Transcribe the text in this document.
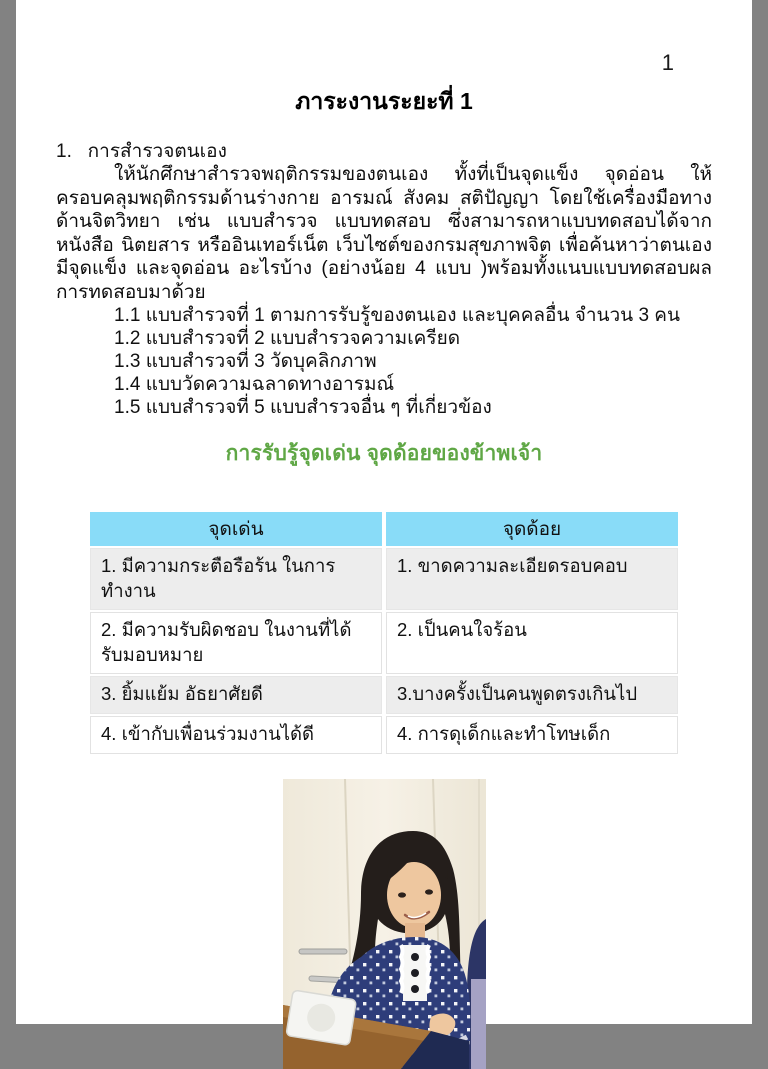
1
ภาระงานระยะที่ 1

1.   การสำรวจตนเอง

ให้นักศึกษาสำรวจพฤติกรรมของตนเอง ทั้งที่เป็นจุดแข็ง จุดอ่อน ให้ครอบคลุมพฤติกรรมด้านร่างกาย อารมณ์ สังคม สติปัญญา โดยใช้เครื่องมือทางด้านจิตวิทยา เช่น แบบสำรวจ แบบทดสอบ ซึ่งสามารถหาแบบทดสอบได้จากหนังสือ นิตยสาร หรืออินเทอร์เน็ต เว็บไซต์ของกรมสุขภาพจิต เพื่อค้นหาว่าตนเองมีจุดแข็ง และจุดอ่อน อะไรบ้าง (อย่างน้อย 4 แบบ )พร้อมทั้งแนบแบบทดสอบผลการทดสอบมาด้วย

1.1 แบบสำรวจที่ 1 ตามการรับรู้ของตนเอง และบุคคลอื่น จำนวน 3 คน
1.2 แบบสำรวจที่ 2 แบบสำรวจความเครียด
1.3 แบบสำรวจที่ 3 วัดบุคลิกภาพ
1.4 แบบวัดความฉลาดทางอารมณ์
1.5 แบบสำรวจที่ 5 แบบสำรวจอื่น ๆ ที่เกี่ยวข้อง
การรับรู้จุดเด่น จุดด้อยของข้าพเจ้า
จุดเด่น	จุดด้อย
1. มีความกระตือรือร้น ในการทำงาน	1. ขาดความละเอียดรอบคอบ
2. มีความรับผิดชอบ ในงานที่ได้รับมอบหมาย	2. เป็นคนใจร้อน
3. ยิ้มแย้ม อัธยาศัยดี	3.บางครั้งเป็นคนพูดตรงเกินไป
4. เข้ากับเพื่อนร่วมงานได้ดี	4. การดุเด็กและทำโทษเด็ก
